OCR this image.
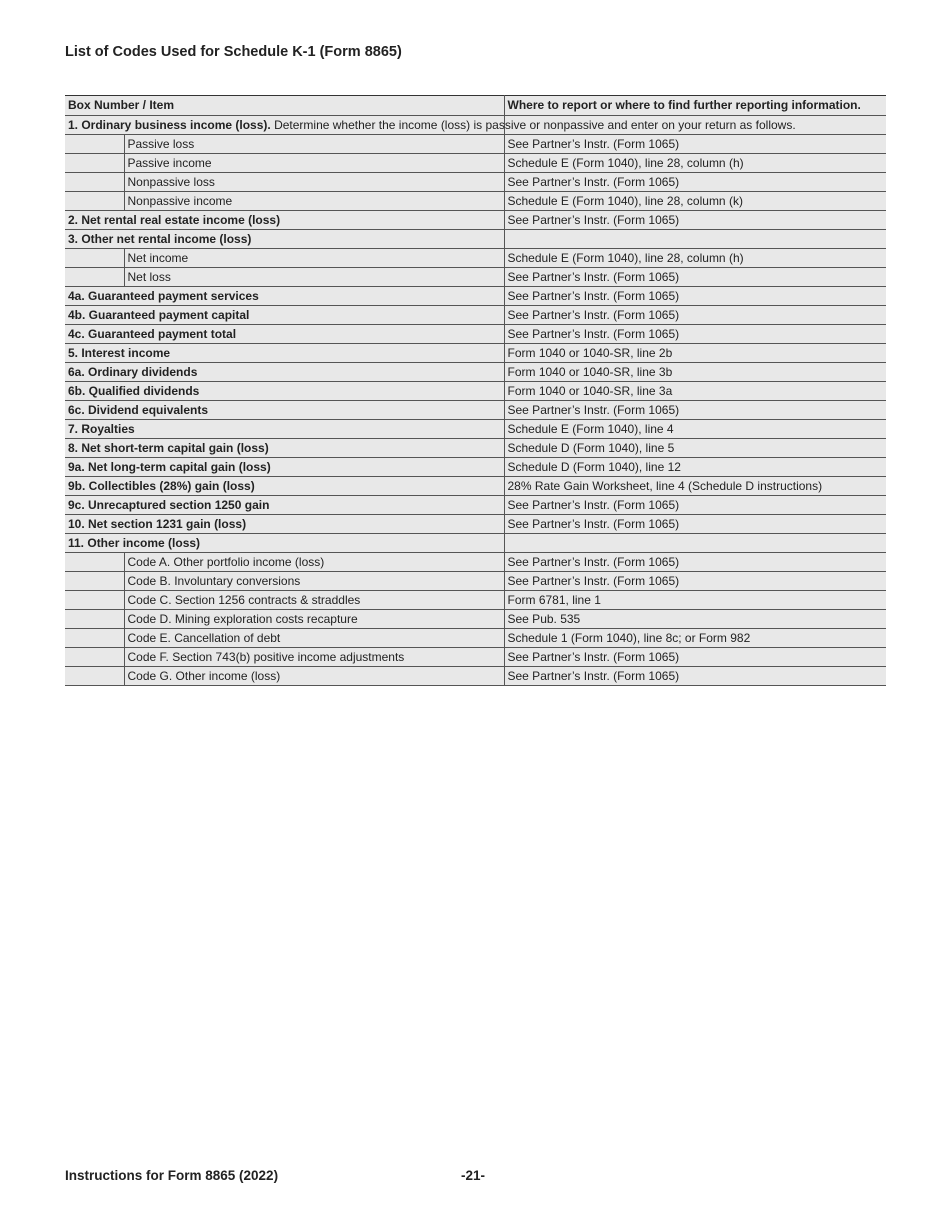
List of Codes Used for Schedule K-1 (Form 8865)
Box Number / Item		Where to report or where to find further reporting information.
1. Ordinary business income (loss). Determine whether the income (loss) is passive or nonpassive and enter on your return as follows.		
	Passive loss	See Partner’s Instr. (Form 1065)
	Passive income	Schedule E (Form 1040), line 28, column (h)
	Nonpassive loss	See Partner’s Instr. (Form 1065)
	Nonpassive income	Schedule E (Form 1040), line 28, column (k)
2. Net rental real estate income (loss)		See Partner’s Instr. (Form 1065)
3. Other net rental income (loss)		
	Net income	Schedule E (Form 1040), line 28, column (h)
	Net loss	See Partner’s Instr. (Form 1065)
4a. Guaranteed payment services		See Partner’s Instr. (Form 1065)
4b. Guaranteed payment capital		See Partner’s Instr. (Form 1065)
4c. Guaranteed payment total		See Partner’s Instr. (Form 1065)
5. Interest income		Form 1040 or 1040-SR, line 2b
6a. Ordinary dividends		Form 1040 or 1040-SR, line 3b
6b. Qualified dividends		Form 1040 or 1040-SR, line 3a
6c. Dividend equivalents		See Partner’s Instr. (Form 1065)
7. Royalties		Schedule E (Form 1040), line 4
8. Net short-term capital gain (loss)		Schedule D (Form 1040), line 5
9a. Net long-term capital gain (loss)		Schedule D (Form 1040), line 12
9b. Collectibles (28%) gain (loss)		28% Rate Gain Worksheet, line 4 (Schedule D instructions)
9c. Unrecaptured section 1250 gain		See Partner’s Instr. (Form 1065)
10. Net section 1231 gain (loss)		See Partner’s Instr. (Form 1065)
11. Other income (loss)		
	Code A. Other portfolio income (loss)	See Partner’s Instr. (Form 1065)
	Code B. Involuntary conversions	See Partner’s Instr. (Form 1065)
	Code C. Section 1256 contracts & straddles	Form 6781, line 1
	Code D. Mining exploration costs recapture	See Pub. 535
	Code E. Cancellation of debt	Schedule 1 (Form 1040), line 8c; or Form 982
	Code F. Section 743(b) positive income adjustments	See Partner’s Instr. (Form 1065)
	Code G. Other income (loss)	See Partner’s Instr. (Form 1065)
Instructions for Form 8865 (2022)	-21-
